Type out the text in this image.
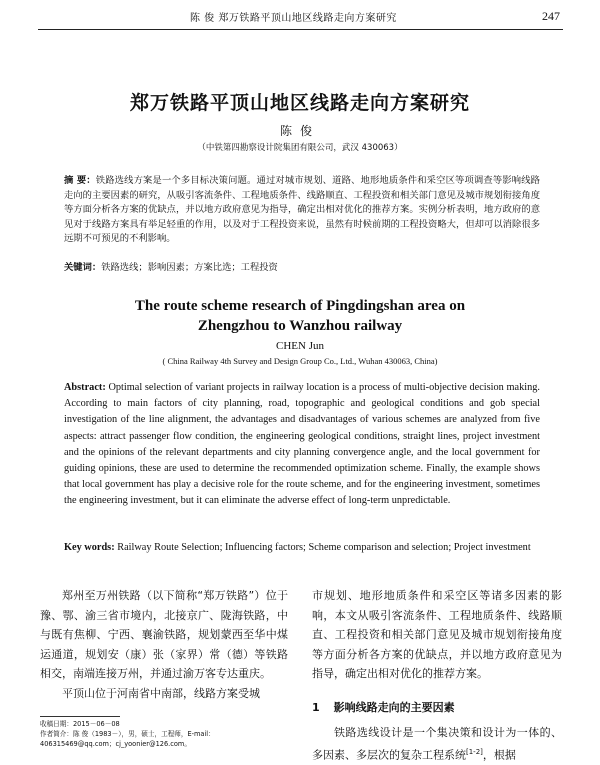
陈 俊 郑万铁路平顶山地区线路走向方案研究	247
郑万铁路平顶山地区线路走向方案研究
陈俊
（中铁第四勘察设计院集团有限公司，武汉 430063）
摘 要：铁路选线方案是一个多目标决策问题。通过对城市规划、道路、地形地质条件和采空区等项调查等影响线路走向的主要因素的研究，从吸引客流条件、工程地质条件、线路顺直、工程投资和相关部门意见及城市规划衔接角度等方面分析各方案的优缺点，并以地方政府意见为指导，确定出相对优化的推荐方案。实例分析表明，地方政府的意见对于线路方案具有举足轻重的作用，以及对于工程投资来说，虽然有时候前期的工程投资略大，但却可以消除很多远期不可预见的不利影响。
关键词：铁路选线；影响因素；方案比选；工程投资
The route scheme research of Pingdingshan area on
Zhengzhou to Wanzhou railway
CHEN Jun
( China Railway 4th Survey and Design Group Co., Ltd., Wuhan 430063, China)
Abstract: Optimal selection of variant projects in railway location is a process of multi-objective decision making. According to main factors of city planning, road, topographic and geological conditions and gob special investigation of the line alignment, the advantages and disadvantages of various schemes are analyzed from five aspects: attract passenger flow condition, the engineering geological conditions, straight lines, project investment and the opinions of the relevant departments and city planning convergence angle, and the local government for guiding opinions, these are used to determine the recommended optimization scheme. Finally, the example shows that local government has play a decisive role for the route scheme, and for the engineering investment, sometimes the engineering investment, but it can eliminate the adverse effect of long-term unpredictable.
Key words: Railway Route Selection; Influencing factors; Scheme comparison and selection; Project investment

郑州至万州铁路（以下简称“郑万铁路”）位于豫、鄂、渝三省市境内，北接京广、陇海铁路，中与既有焦柳、宁西、襄渝铁路，规划蒙西至华中煤运通道，规划安（康）张（家界）常（德）等铁路相交，南端连接万州，并通过渝万客专达重庆。

平顶山位于河南省中南部，线路方案受城

市规划、地形地质条件和采空区等诸多因素的影响，本文从吸引客流条件、工程地质条件、线路顺直、工程投资和相关部门意见及城市规划衔接角度等方面分析各方案的优缺点，并以地方政府意见为指导，确定出相对优化的推荐方案。

1 影响线路走向的主要因素

铁路选线设计是一个集决策和设计为一体的、多因素、多层次的复杂工程系统[1-2]，根据

收稿日期：2015－06－08
作者简介：陈 俊（1983－），男，硕士，工程师，E-mail：406315469@qq.com；cj_yoonier@126.com。
